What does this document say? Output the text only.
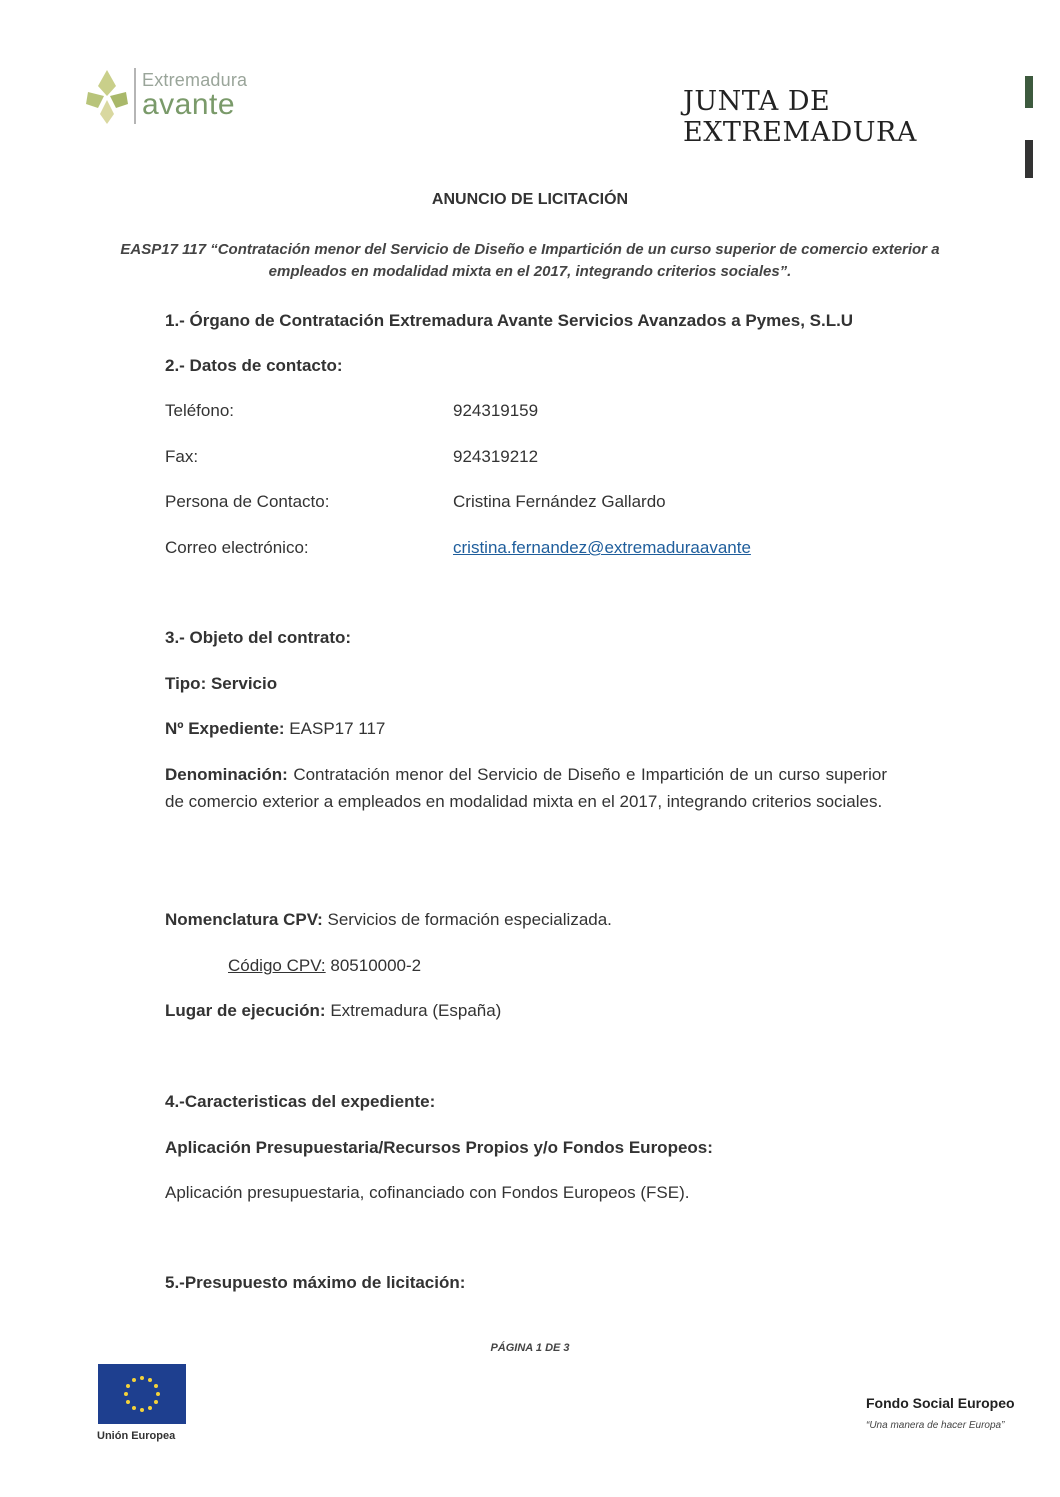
Extremadura
avante	JUNTA DE EXTREMADURA
ANUNCIO DE LICITACIÓN
EASP17 117 “Contratación menor del Servicio de Diseño e Impartición de un curso superior de comercio exterior a empleados en modalidad mixta en el 2017, integrando criterios sociales”.
1.- Órgano de Contratación Extremadura Avante Servicios Avanzados a Pymes, S.L.U
2.- Datos de contacto:
Teléfono:	924319159
Fax:	924319212
Persona de Contacto:	Cristina Fernández Gallardo
Correo electrónico:	cristina.fernandez@extremaduraavante
3.- Objeto del contrato:
Tipo: Servicio
Nº Expediente: EASP17 117
Denominación: Contratación menor del Servicio de Diseño e Impartición de un curso superior de comercio exterior a empleados en modalidad mixta en el 2017, integrando criterios sociales.
Nomenclatura CPV: Servicios de formación especializada.
Código CPV: 80510000-2
Lugar de ejecución: Extremadura (España)
4.-Caracteristicas del expediente:
Aplicación Presupuestaria/Recursos Propios y/o Fondos Europeos:
Aplicación presupuestaria, cofinanciado con Fondos Europeos (FSE).
5.-Presupuesto máximo de licitación:
PÁGINA 1 DE 3
Unión Europea
Fondo Social Europeo
“Una manera de hacer Europa”
